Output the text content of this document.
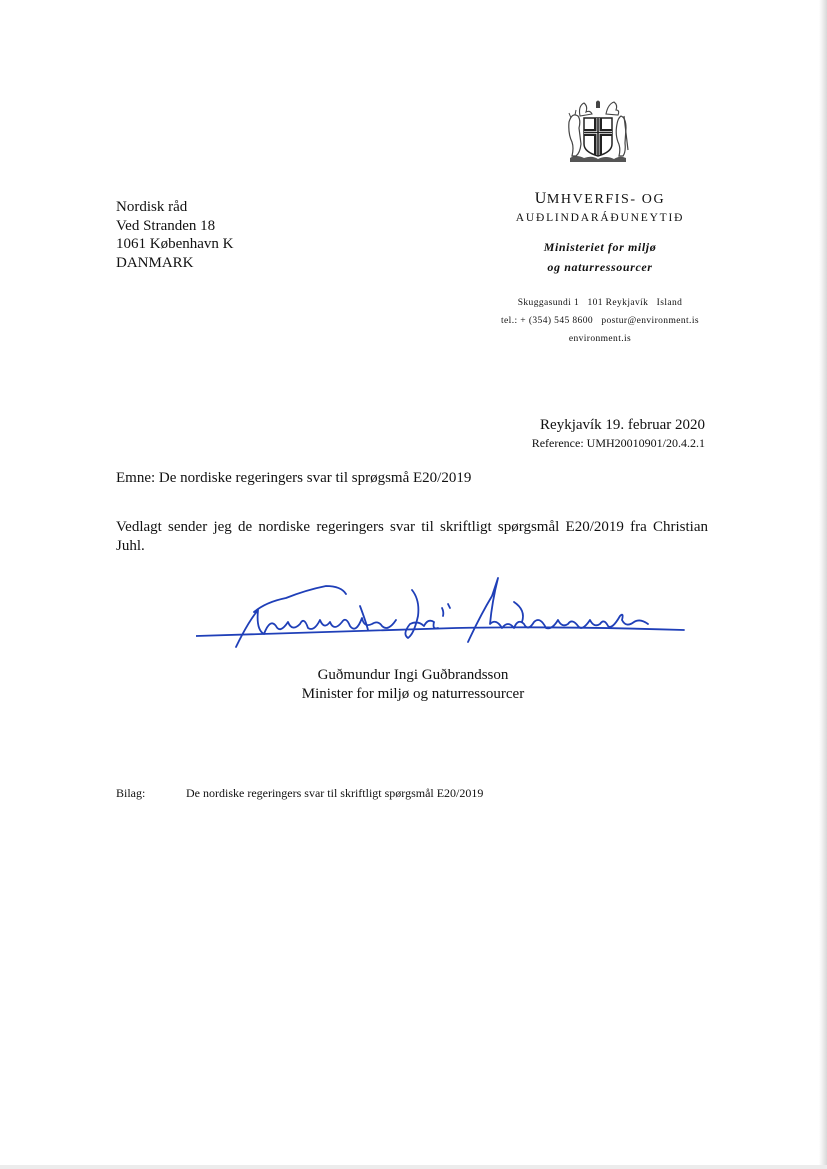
Nordisk råd
Ved Stranden 18
1061 København K
DANMARK
UMHVERFIS- OG
AUÐLINDARÁÐUNEYTIÐ
Ministeriet for miljø
og naturressourcer
Skuggasundi 1   101 Reykjavík   Island
tel.: + (354) 545 8600   postur@environment.is
environment.is
Reykjavík 19. februar 2020
Reference: UMH20010901/20.4.2.1
Emne: De nordiske regeringers svar til sprøgsmå E20/2019
Vedlagt sender jeg de nordiske regeringers svar til skriftligt spørgsmål E20/2019 fra Christian Juhl.
Guðmundur Ingi Guðbrandsson
Minister for miljø og naturressourcer
Bilag:	De nordiske regeringers svar til skriftligt spørgsmål E20/2019
